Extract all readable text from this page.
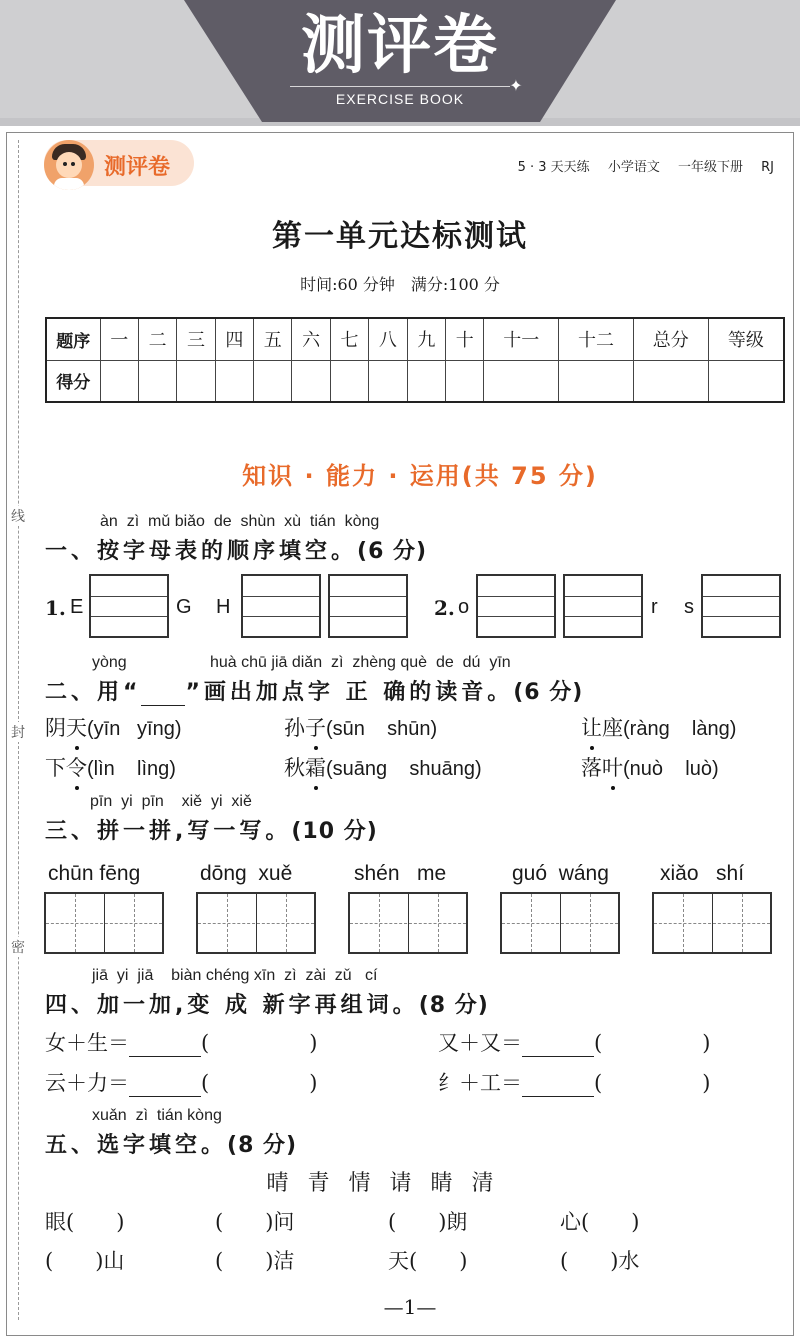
测评卷
✦
EXERCISE BOOK
线
封
密
测评卷	5 · 3 天天练 小学语文 一年级下册 RJ
第一单元达标测试
时间:60 分钟　满分:100 分
题序	一	二	三	四	五	六	七	八	九	十	十一	十二	总分	等级
得分														
知识 · 能力 · 运用(共 75 分)
àn  zì  mǔ biǎo  de  shùn  xù  tián  kòng
一、按字母表的顺序填空。(6 分)
1. E	G H	2. o	r s
yòng	huà chū jiā diǎn  zì  zhèng què  de  dú  yīn
二、用“ ”画出加点字 正 确的读音。(6 分)
阴天(yīn   yīng)	孙子(sūn    shūn)	让座(ràng    làng)
下令(lìn    lìng)	秋霜(suāng    shuāng)	落叶(nuò    luò)
pīn  yi  pīn    xiě  yi  xiě
三、拼一拼,写一写。(10 分)
chūn fēng	dōng  xuě	shén   me	guó  wáng xiǎo   shí
jiā  yi  jiā    biàn chéng xīn  zì  zài  zǔ   cí
四、加一加,变 成 新字再组词。(8 分)
女＋生＝	(	)	又＋又＝	(	)
云＋力＝	(	)	纟＋工＝	(	)
xuǎn  zì  tián kòng
五、选字填空。(8 分)
晴 青 情 请 睛 清
眼(　　)	(　　)问	(　　)朗	心(　　)
(　　)山	(　　)洁	天(　　)	(　　)水
—1—
